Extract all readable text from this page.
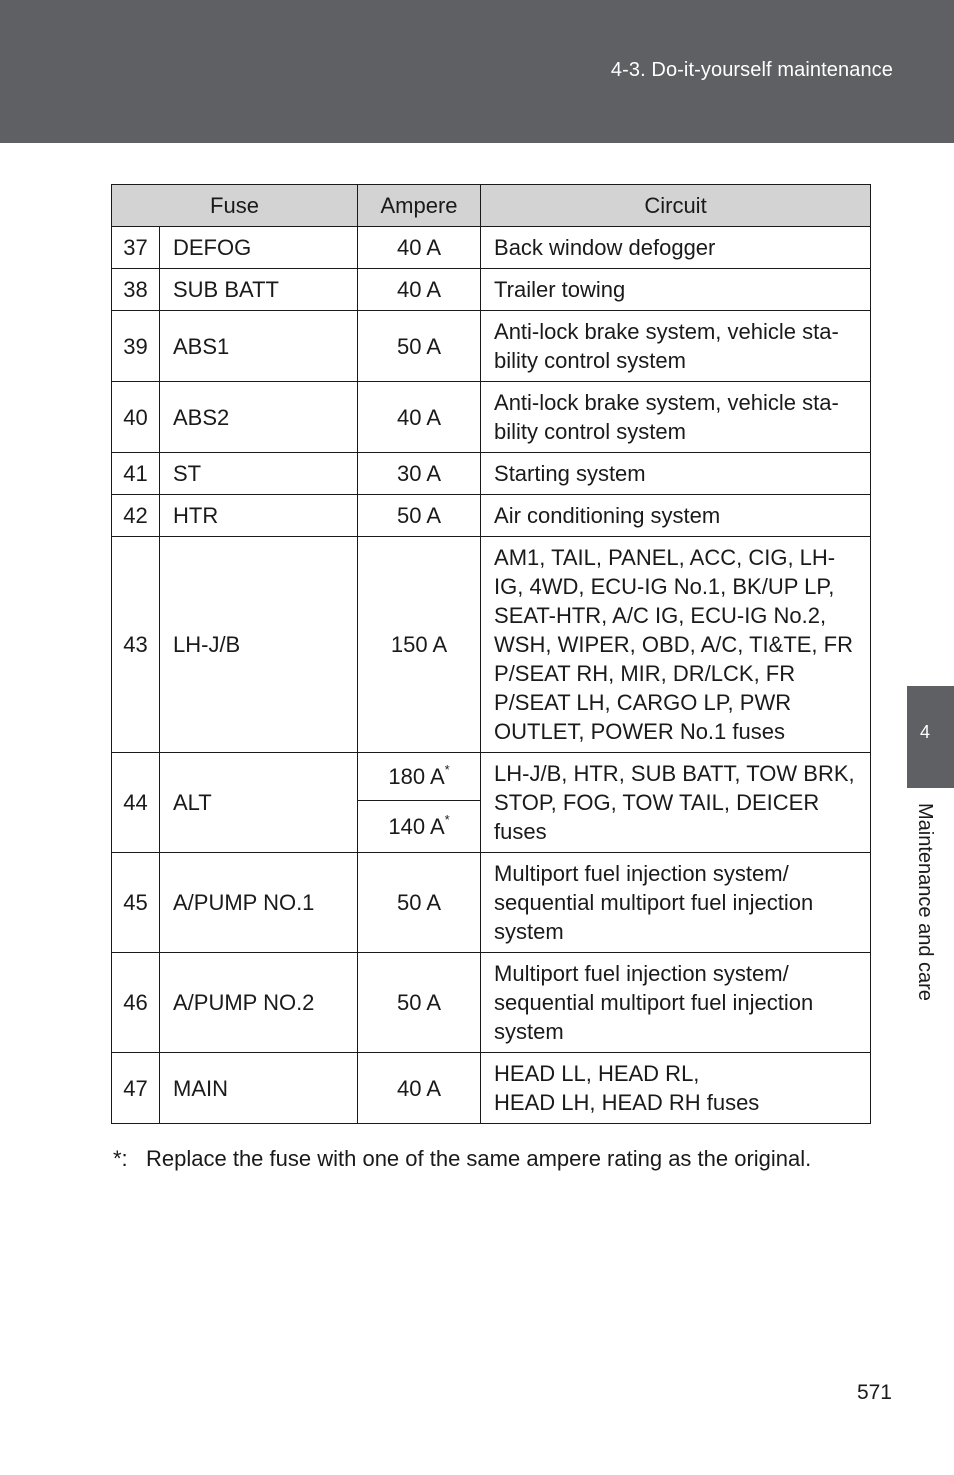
4-3. Do-it-yourself maintenance
4
Maintenance and care
Fuse		Ampere	Circuit
37	DEFOG	40 A	Back window defogger
38	SUB BATT	40 A	Trailer towing
39	ABS1	50 A	Anti-lock brake system, vehicle sta-bility control system
40	ABS2	40 A	Anti-lock brake system, vehicle sta-bility control system
41	ST	30 A	Starting system
42	HTR	50 A	Air conditioning system
43	LH-J/B	150 A	AM1, TAIL, PANEL, ACC, CIG, LH-IG, 4WD, ECU-IG No.1, BK/UP LP, SEAT-HTR, A/C IG, ECU-IG No.2, WSH, WIPER, OBD, A/C, TI&TE, FR P/SEAT RH, MIR, DR/LCK, FR P/SEAT LH, CARGO LP, PWR OUTLET, POWER No.1 fuses
44	ALT	180 A*	LH-J/B, HTR, SUB BATT, TOW BRK, STOP, FOG, TOW TAIL, DEICER fuses
		140 A*
45	A/PUMP NO.1	50 A	Multiport fuel injection system/ sequential multiport fuel injection system
46	A/PUMP NO.2	50 A	Multiport fuel injection system/ sequential multiport fuel injection system
47	MAIN	40 A	HEAD LL, HEAD RL,
HEAD LH, HEAD RH fuses
*: Replace the fuse with one of the same ampere rating as the original.
571
